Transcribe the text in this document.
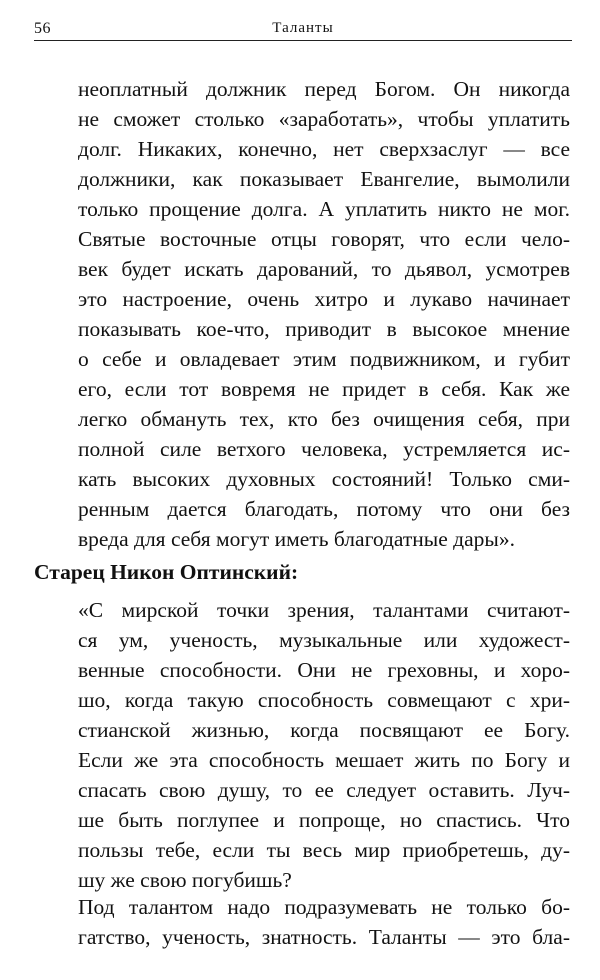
56	Таланты
неоплатный должник перед Богом. Он никогда
не сможет столько «заработать», чтобы уплатить
долг. Никаких, конечно, нет сверхзаслуг — все
должники, как показывает Евангелие, вымолили
только прощение долга. А уплатить никто не мог.
Святые восточные отцы говорят, что если чело-
век будет искать дарований, то дьявол, усмотрев
это настроение, очень хитро и лукаво начинает
показывать кое-что, приводит в высокое мнение
о себе и овладевает этим подвижником, и губит
его, если тот вовремя не придет в себя. Как же
легко обмануть тех, кто без очищения себя, при
полной силе ветхого человека, устремляется ис-
кать высоких духовных состояний! Только сми-
ренным дается благодать, потому что они без
вреда для себя могут иметь благодатные дары».
Старец Никон Оптинский:
«С мирской точки зрения, талантами считают-
ся ум, ученость, музыкальные или художест-
венные способности. Они не греховны, и хоро-
шо, когда такую способность совмещают с хри-
стианской жизнью, когда посвящают ее Богу.
Если же эта способность мешает жить по Богу и
спасать свою душу, то ее следует оставить. Луч-
ше быть поглупее и попроще, но спастись. Что
пользы тебе, если ты весь мир приобретешь, ду-
шу же свою погубишь?
Под талантом надо подразумевать не только бо-
гатство, ученость, знатность. Таланты — это бла-
